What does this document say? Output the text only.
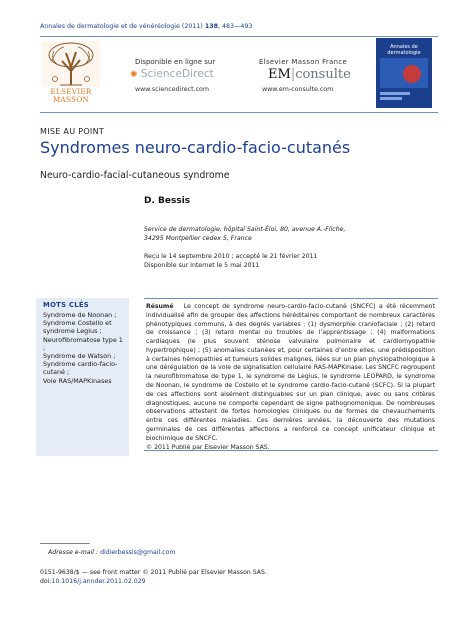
Annales de dermatologie et de vénéréologie (2011) 138, 483—493
ELSEVIER
MASSON
Disponible en ligne sur
✺ ScienceDirect
www.sciencedirect.com
Elsevier Masson France
EM|consulte
www.em-consulte.com
Annales de dermatologie
MISE AU POINT
Syndromes neuro-cardio-facio-cutanés
Neuro-cardio-facial-cutaneous syndrome
D. Bessis
Service de dermatologie, hôpital Saint-Éloi, 80, avenue A.-Fliche,
34295 Montpellier cedex 5, France
Reçu le 14 septembre 2010 ; accepté le 21 février 2011
Disponible sur Internet le 5 mai 2011
MOTS CLÉS
Syndrome de Noonan ;
Syndrome Costello et syndrome Legius ;
Neurofibromatose type 1 ;
Syndrome de Watson ;
Syndrome cardio-facio-cutané ;
Voie RAS/MAPKinases
Résumé Le concept de syndrome neuro-cardio-facio-cutané (SNCFC) a été récemment individualisé afin de grouper des affections héréditaires comportant de nombreux caractères phénotypiques communs, à des degrés variables : (1) dysmorphie craniofaciale ; (2) retard de croissance ; (3) retard mental ou troubles de l’apprentissage ; (4) malformations cardiaques (le plus souvent sténose valvulaire pulmonaire et cardiomyopathie hypertrophique) ; (5) anomalies cutanées et, pour certaines d’entre elles, une prédisposition à certaines hémopathies et tumeurs solides malignes, liées sur un plan physiopathologique à une dérégulation de la voie de signalisation cellulaire RAS-MAPKinase. Les SNCFC regroupent la neurofibromatose de type 1, le syndrome de Legius, le syndrome LEOPARD, le syndrome de Noonan, le syndrome de Costello et le syndrome cardio-facio-cutané (SCFC). Si la plupart de ces affections sont aisément distinguables sur un plan clinique, avec ou sans critères diagnostiques, aucune ne comporte cependant de signe pathognomonique. De nombreuses observations attestent de fortes homologies cliniques ou de formes de chevauchements entre ces différentes maladies. Ces dernières années, la découverte des mutations germinales de ces différentes affections a renforcé ce concept unificateur clinique et biochimique de SNCFC.
© 2011 Publié par Elsevier Masson SAS.
Adresse e-mail : didierbessis@gmail.com
0151-9638/$ — see front matter © 2011 Publié par Elsevier Masson SAS.
doi:10.1016/j.annder.2011.02.029
